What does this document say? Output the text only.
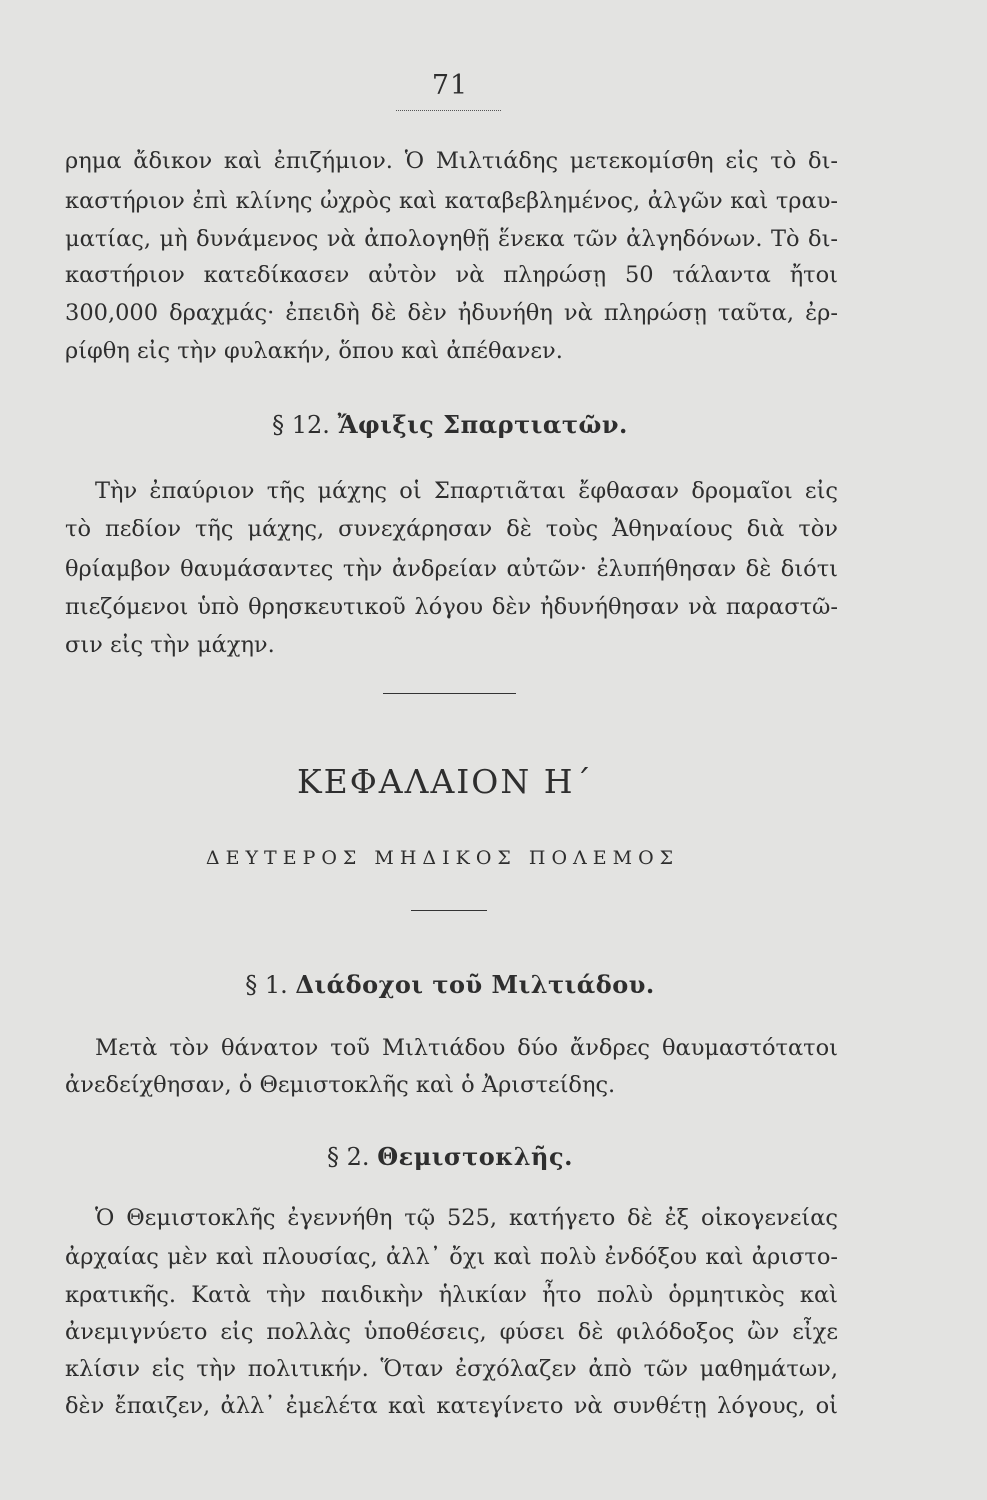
71
ρημα ἄδικον καὶ ἐπιζήμιον. Ὁ Μιλτιάδης μετεκομίσθη εἰς τὸ δι-
καστήριον ἐπὶ κλίνης ὠχρὸς καὶ καταβεβλημένος, ἀλγῶν καὶ τραυ-
ματίας, μὴ δυνάμενος νὰ ἀπολογηθῇ ἕνεκα τῶν ἀλγηδόνων. Τὸ δι-
καστήριον κατεδίκασεν αὐτὸν νὰ πληρώσῃ 50 τάλαντα ἤτοι
300,000 δραχμάς· ἐπειδὴ δὲ δὲν ἠδυνήθη νὰ πληρώσῃ ταῦτα, ἐρ-
ρίφθη εἰς τὴν φυλακήν, ὅπου καὶ ἀπέθανεν.
§ 12. Ἄφιξις Σπαρτιατῶν.
Τὴν ἐπαύριον τῆς μάχης οἱ Σπαρτιᾶται ἔφθασαν δρομαῖοι εἰς
τὸ πεδίον τῆς μάχης, συνεχάρησαν δὲ τοὺς Ἀθηναίους διὰ τὸν
θρίαμβον θαυμάσαντες τὴν ἀνδρείαν αὐτῶν· ἐλυπήθησαν δὲ διότι
πιεζόμενοι ὑπὸ θρησκευτικοῦ λόγου δὲν ἠδυνήθησαν νὰ παραστῶ-
σιν εἰς τὴν μάχην.
ΚΕΦΑΛΑΙΟΝ Η΄
ΔΕΥΤΕΡΟΣ ΜΗΔΙΚΟΣ ΠΟΛΕΜΟΣ
§ 1. Διάδοχοι τοῦ Μιλτιάδου.
Μετὰ τὸν θάνατον τοῦ Μιλτιάδου δύο ἄνδρες θαυμαστότατοι
ἀνεδείχθησαν, ὁ Θεμιστοκλῆς καὶ ὁ Ἀριστείδης.
§ 2. Θεμιστοκλῆς.
Ὁ Θεμιστοκλῆς ἐγεννήθη τῷ 525, κατήγετο δὲ ἐξ οἰκογενείας
ἀρχαίας μὲν καὶ πλουσίας, ἀλλ᾿ ὄχι καὶ πολὺ ἐνδόξου καὶ ἀριστο-
κρατικῆς. Κατὰ τὴν παιδικὴν ἡλικίαν ἦτο πολὺ ὁρμητικὸς καὶ
ἀνεμιγνύετο εἰς πολλὰς ὑποθέσεις, φύσει δὲ φιλόδοξος ὢν εἶχε
κλίσιν εἰς τὴν πολιτικήν. Ὅταν ἐσχόλαζεν ἀπὸ τῶν μαθημάτων,
δὲν ἔπαιζεν, ἀλλ᾿ ἐμελέτα καὶ κατεγίνετο νὰ συνθέτῃ λόγους, οἱ
